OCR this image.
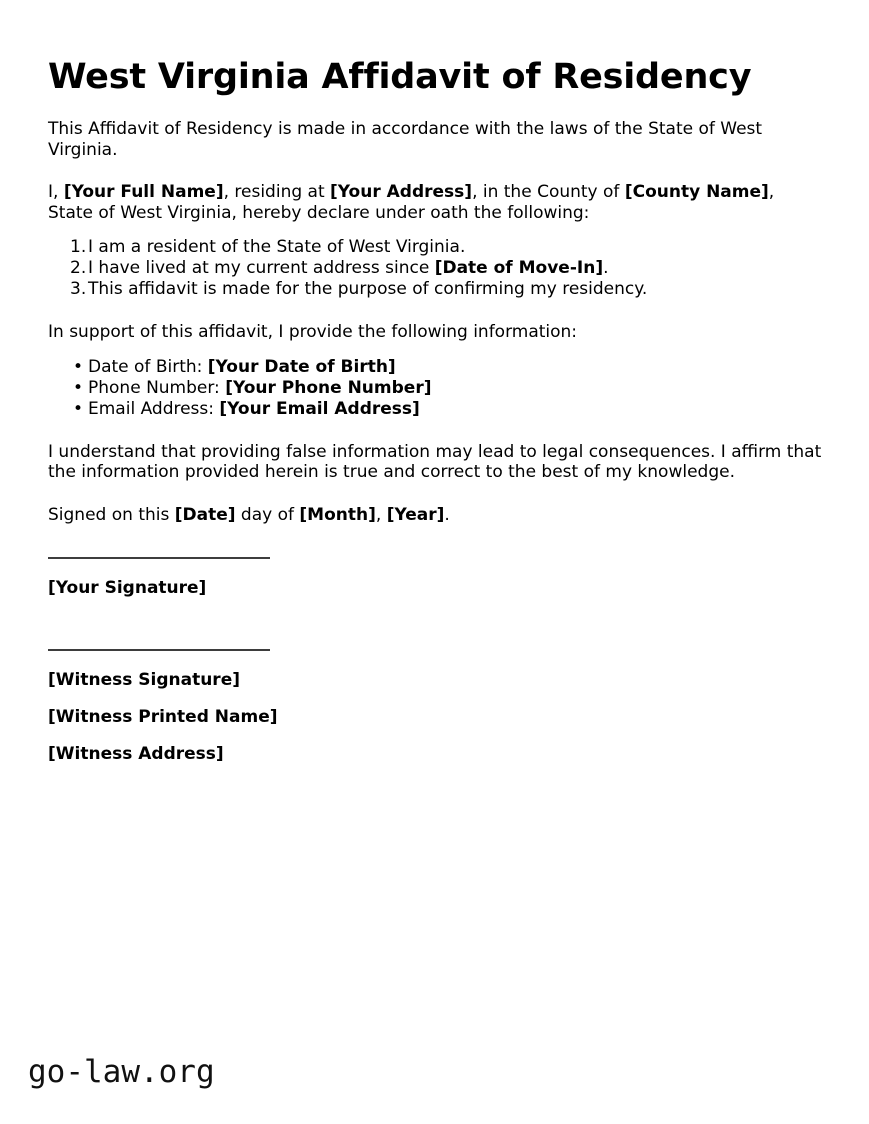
West Virginia Affidavit of Residency

This Affidavit of Residency is made in accordance with the laws of the State of West Virginia.

I, [Your Full Name], residing at [Your Address], in the County of [County Name], State of West Virginia, hereby declare under oath the following:

I am a resident of the State of West Virginia.
I have lived at my current address since [Date of Move-In].
This affidavit is made for the purpose of confirming my residency.

In support of this affidavit, I provide the following information:

• Date of Birth: [Your Date of Birth]
• Phone Number: [Your Phone Number]
• Email Address: [Your Email Address]

I understand that providing false information may lead to legal consequences. I affirm that the information provided herein is true and correct to the best of my knowledge.

Signed on this [Date] day of [Month], [Year].

[Your Signature]
[Witness Signature]
[Witness Printed Name]
[Witness Address]
go-law.org
